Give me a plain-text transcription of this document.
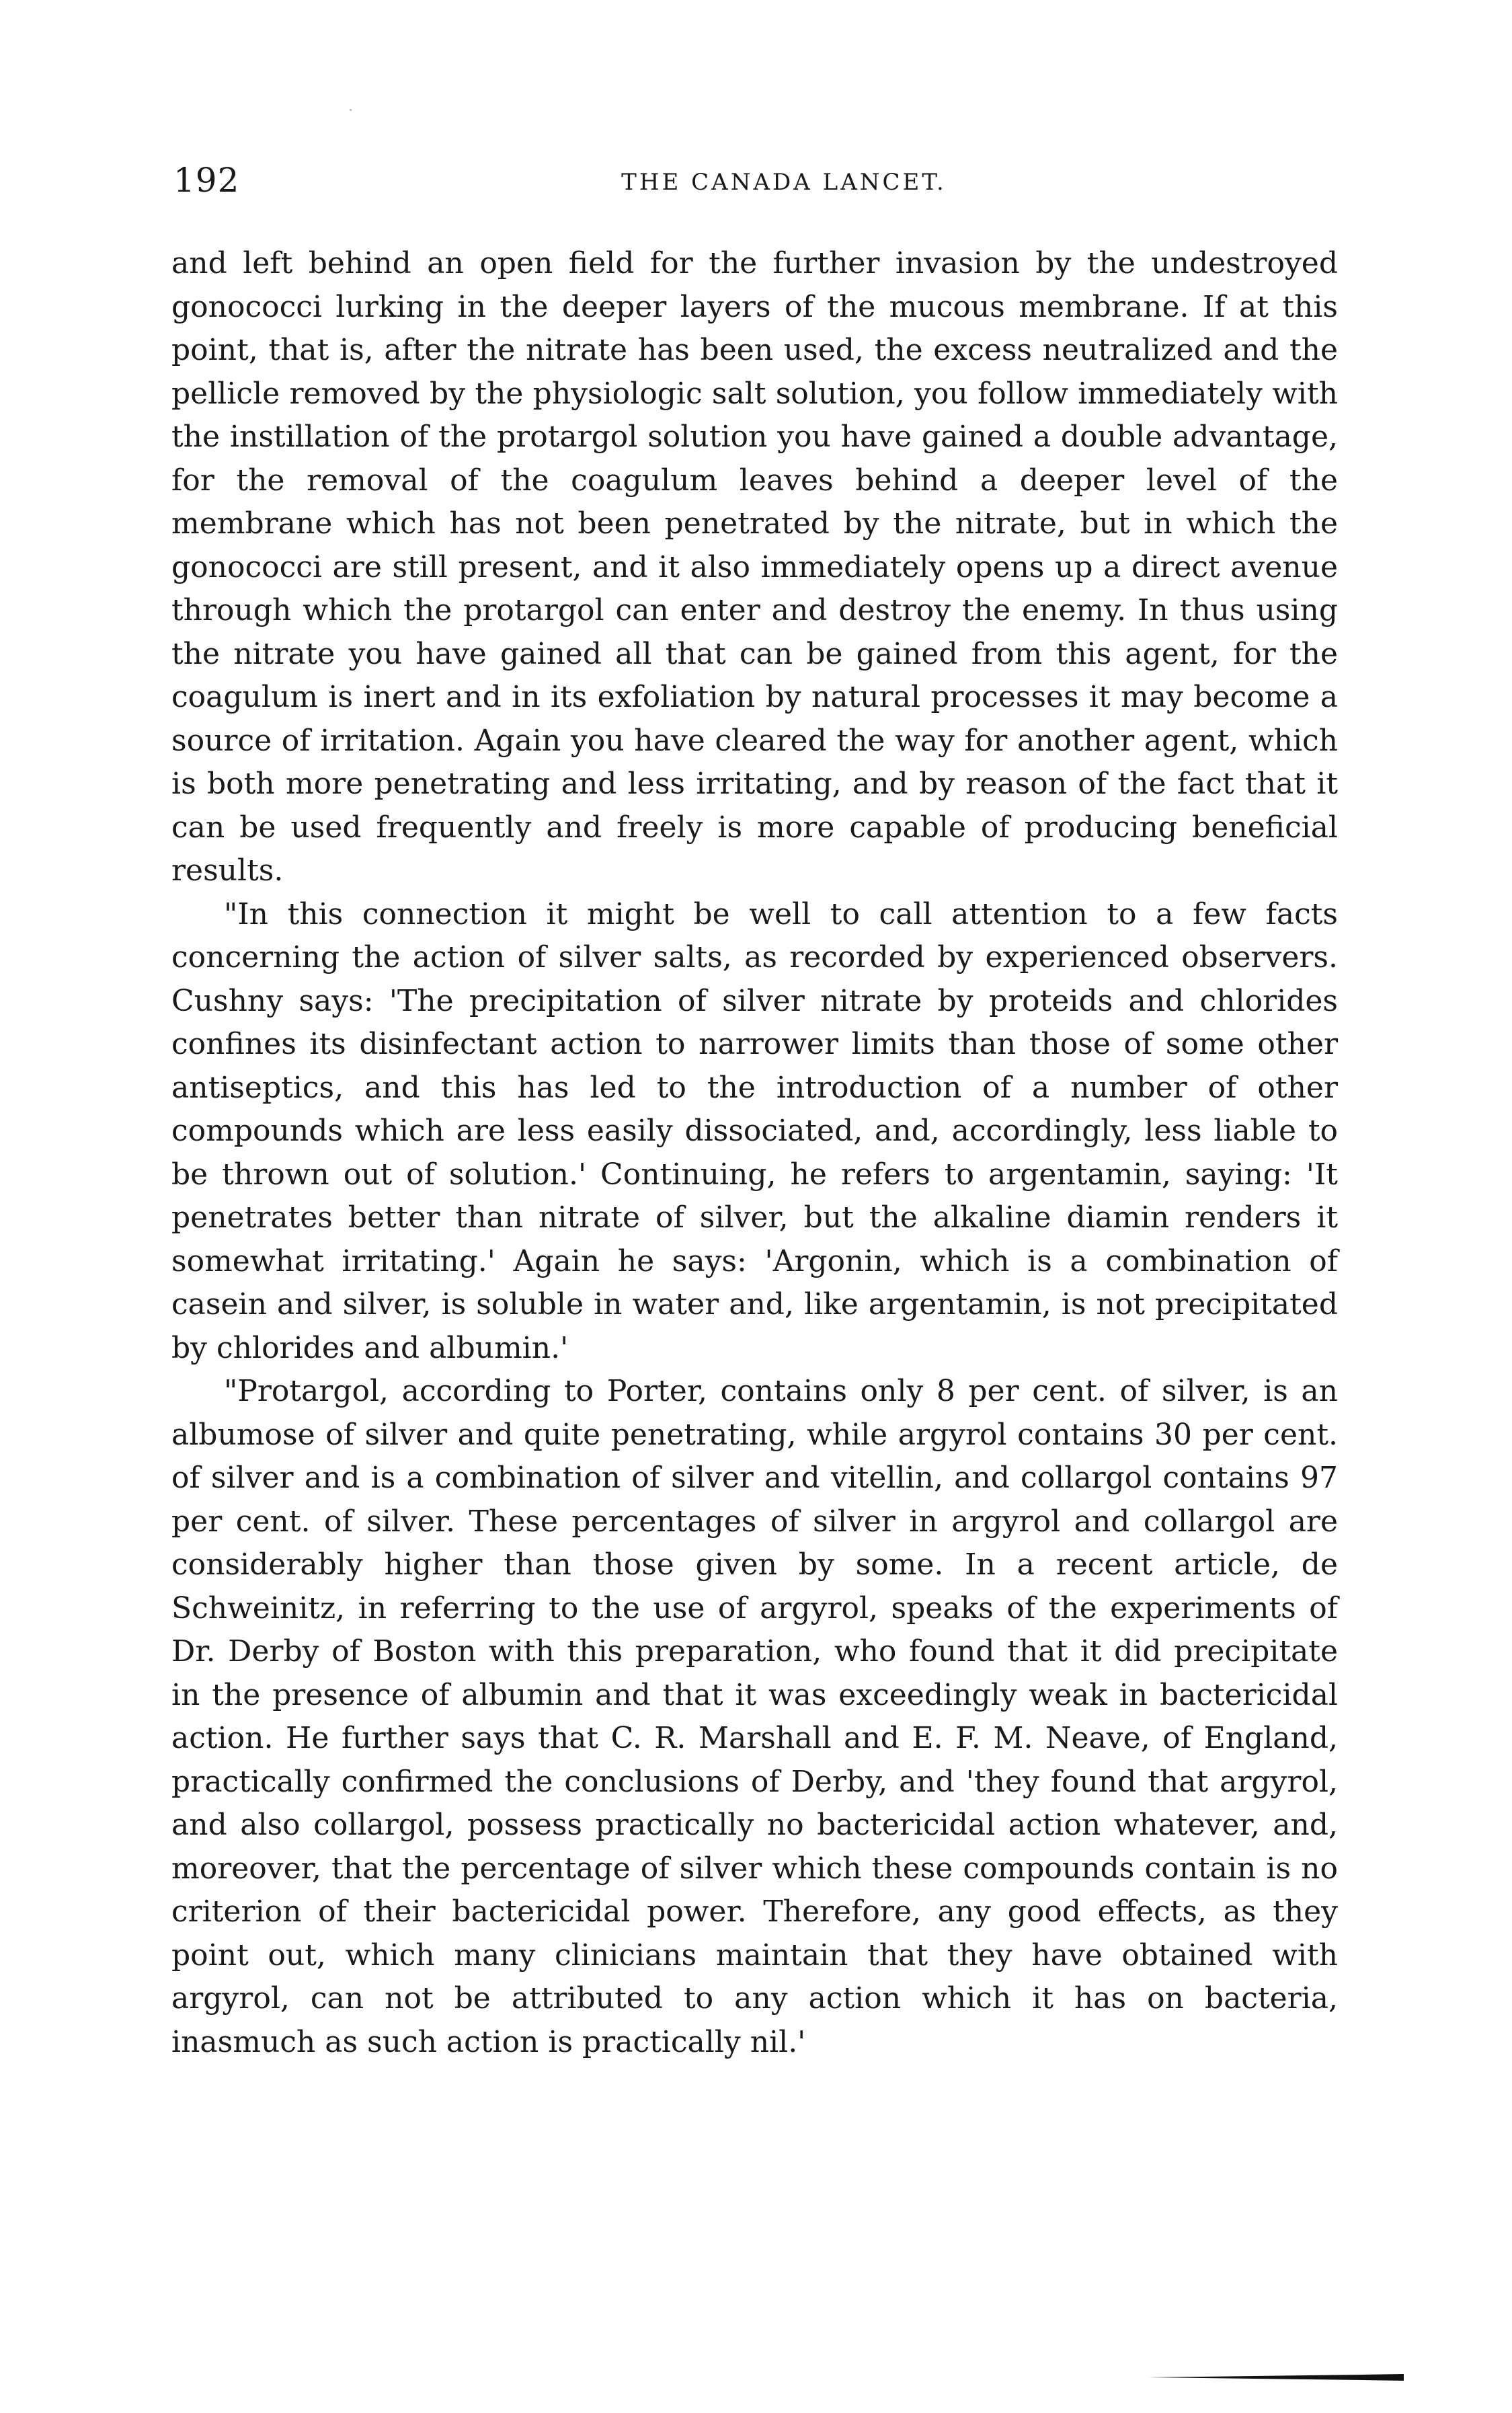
192	THE CANADA LANCET.

and left behind an open field for the further invasion by the undestroyed gonococci lurking in the deeper layers of the mucous membrane. If at this point, that is, after the nitrate has been used, the excess neutralized and the pellicle removed by the physiologic salt solution, you follow immediately with the instillation of the protargol solution you have gained a double advantage, for the removal of the coagulum leaves behind a deeper level of the membrane which has not been penetrated by the nitrate, but in which the gonococci are still present, and it also immediately opens up a direct avenue through which the protargol can enter and destroy the enemy. In thus using the nitrate you have gained all that can be gained from this agent, for the coagulum is inert and in its exfoliation by natural processes it may become a source of irritation. Again you have cleared the way for another agent, which is both more penetrating and less irritating, and by reason of the fact that it can be used frequently and freely is more capable of producing beneficial results.

"In this connection it might be well to call attention to a few facts concerning the action of silver salts, as recorded by experienced observers. Cushny says: 'The precipitation of silver nitrate by proteids and chlorides confines its disinfectant action to narrower limits than those of some other antiseptics, and this has led to the introduction of a number of other compounds which are less easily dissociated, and, accordingly, less liable to be thrown out of solution.' Continuing, he refers to argentamin, saying: 'It penetrates better than nitrate of silver, but the alkaline diamin renders it somewhat irritating.' Again he says: 'Argonin, which is a combination of casein and silver, is soluble in water and, like argentamin, is not precipitated by chlorides and albumin.'

"Protargol, according to Porter, contains only 8 per cent. of silver, is an albumose of silver and quite penetrating, while argyrol contains 30 per cent. of silver and is a combination of silver and vitellin, and collargol contains 97 per cent. of silver. These percentages of silver in argyrol and collargol are considerably higher than those given by some. In a recent article, de Schweinitz, in referring to the use of argyrol, speaks of the experiments of Dr. Derby of Boston with this preparation, who found that it did precipitate in the presence of albumin and that it was exceedingly weak in bactericidal action. He further says that C. R. Marshall and E. F. M. Neave, of England, practically confirmed the conclusions of Derby, and 'they found that argyrol, and also collargol, possess practically no bactericidal action whatever, and, moreover, that the percentage of silver which these compounds contain is no criterion of their bactericidal power. Therefore, any good effects, as they point out, which many clinicians maintain that they have obtained with argyrol, can not be attributed to any action which it has on bacteria, inasmuch as such action is practically nil.'
